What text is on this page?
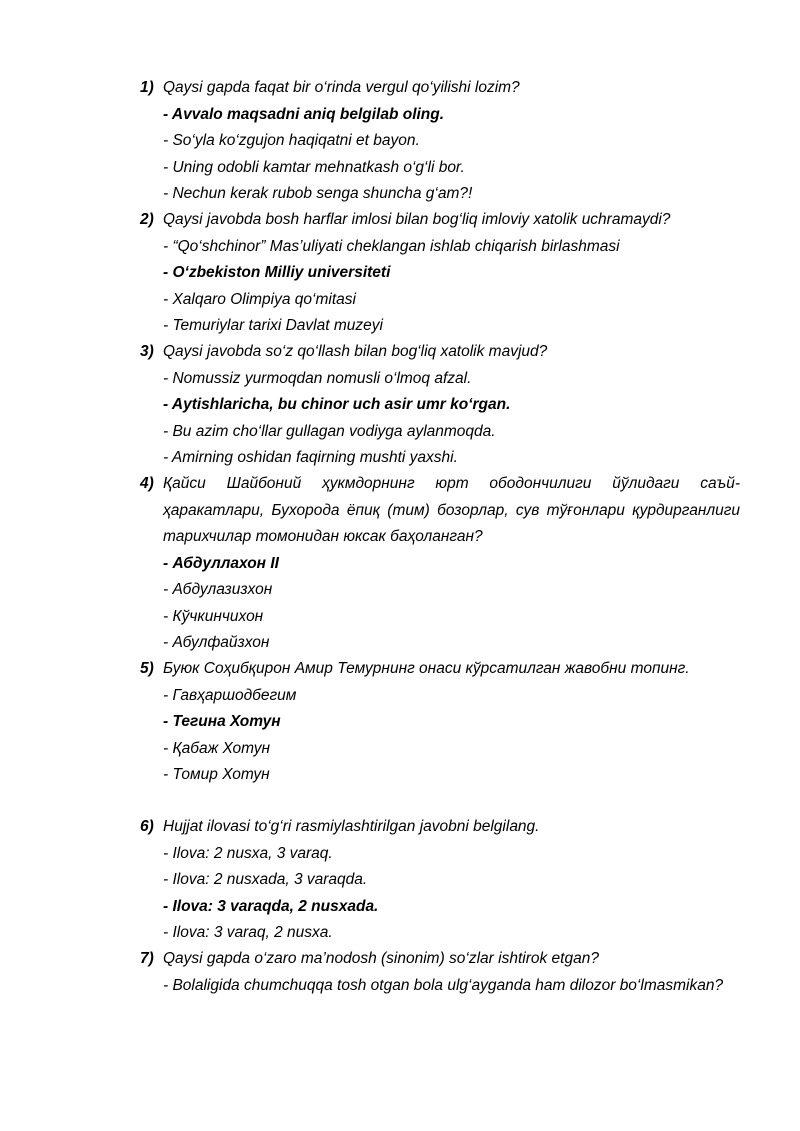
1) Qaysi gapda faqat bir o‘rinda vergul qo‘yilishi lozim?
- Avvalo maqsadni aniq belgilab oling.
- So‘yla ko‘zgujon haqiqatni et bayon.
- Uning odobli kamtar mehnatkash o‘g‘li bor.
- Nechun kerak rubob senga shuncha g‘am?!
2) Qaysi javobda bosh harflar imlosi bilan bog‘liq imloviy xatolik uchramaydi?
- “Qo‘shchinor” Mas’uliyati cheklangan ishlab chiqarish birlashmasi
- O‘zbekiston Milliy universiteti
- Xalqaro Olimpiya qo‘mitasi
- Temuriylar tarixi Davlat muzeyi
3) Qaysi javobda so‘z qo‘llash bilan bog‘liq xatolik mavjud?
- Nomussiz yurmoqdan nomusli o‘lmoq afzal.
- Aytishlaricha, bu chinor uch asir umr ko‘rgan.
- Bu azim cho‘llar gullagan vodiyga aylanmoqda.
- Amirning oshidan faqirning mushti yaxshi.
4) Қайси Шайбоний ҳукмдорнинг юрт ободончилиги йўлидаги саъй-ҳаракатлари, Бухорода ёпиқ (тим) бозорлар, сув тўғонлари қурдирганлиги тарихчилар томонидан юксак баҳоланган?
- Абдуллахон II
- Абдулазизхон
- Кўчкинчихон
- Абулфайзхон
5) Буюк Соҳибқирон Амир Темурнинг онаси кўрсатилган жавобни топинг.
- Гавҳаршодбегим
- Тегина Хотун
- Қабаж Хотун
- Томир Хотун
6) Hujjat ilovasi to‘g‘ri rasmiylashtirilgan javobni belgilang.
- Ilova: 2 nusxa, 3 varaq.
- Ilova: 2 nusxada, 3 varaqda.
- Ilova: 3 varaqda, 2 nusxada.
- Ilova: 3 varaq, 2 nusxa.
7) Qaysi gapda o‘zaro ma’nodosh (sinonim) so‘zlar ishtirok etgan?
- Bolaligida chumchuqqa tosh otgan bola ulg‘ayganda ham dilozor bo‘lmasmikan?
